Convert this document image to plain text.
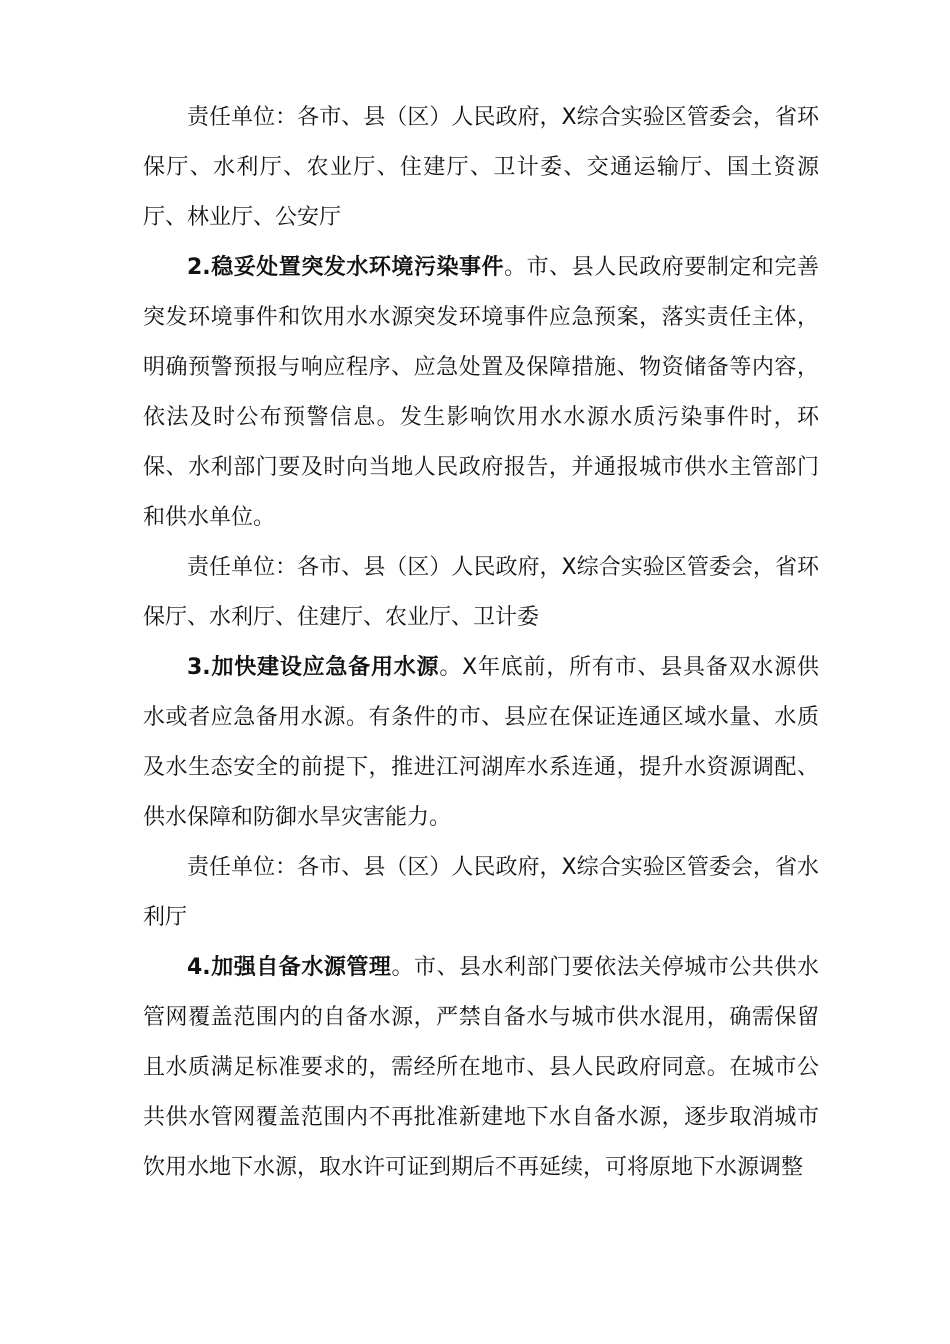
责任单位：各市、县（区）人民政府，X综合实验区管委会，省环保厅、水利厅、农业厅、住建厅、卫计委、交通运输厅、国土资源厅、林业厅、公安厅

2.稳妥处置突发水环境污染事件。市、县人民政府要制定和完善突发环境事件和饮用水水源突发环境事件应急预案，落实责任主体，明确预警预报与响应程序、应急处置及保障措施、物资储备等内容，依法及时公布预警信息。发生影响饮用水水源水质污染事件时，环保、水利部门要及时向当地人民政府报告，并通报城市供水主管部门和供水单位。

责任单位：各市、县（区）人民政府，X综合实验区管委会，省环保厅、水利厅、住建厅、农业厅、卫计委

3.加快建设应急备用水源。X年底前，所有市、县具备双水源供水或者应急备用水源。有条件的市、县应在保证连通区域水量、水质及水生态安全的前提下，推进江河湖库水系连通，提升水资源调配、供水保障和防御水旱灾害能力。

责任单位：各市、县（区）人民政府，X综合实验区管委会，省水利厅

4.加强自备水源管理。市、县水利部门要依法关停城市公共供水管网覆盖范围内的自备水源，严禁自备水与城市供水混用，确需保留且水质满足标准要求的，需经所在地市、县人民政府同意。在城市公共供水管网覆盖范围内不再批准新建地下水自备水源，逐步取消城市饮用水地下水源，取水许可证到期后不再延续，可将原地下水源调整
